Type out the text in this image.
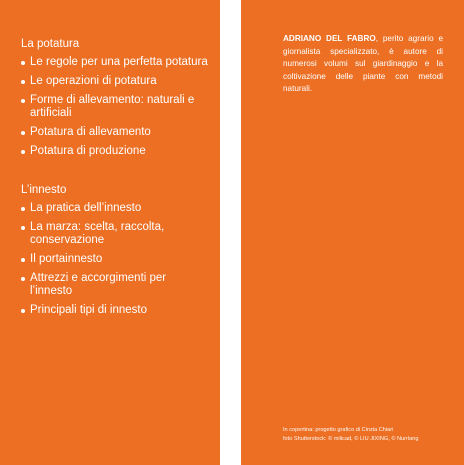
La potatura
Le regole per una perfetta potatura
Le operazioni di potatura
Forme di allevamento: naturali e artificiali
Potatura di allevamento
Potatura di produzione
L’innesto
La pratica dell’innesto
La marza: scelta, raccolta, conservazione
Il portainnesto
Attrezzi e accorgimenti per l’innesto
Principali tipi di innesto

ADRIANO DEL FABRO, perito agrario e giornalista specializzato, è autore di numerosi volumi sul giardinaggio e la coltivazione delle piante con metodi naturali.

In copertina: progetto grafico di Cinzia Chiari
foto Shutterstock: © milicad, © LIU JIXING, © Nurrlang
